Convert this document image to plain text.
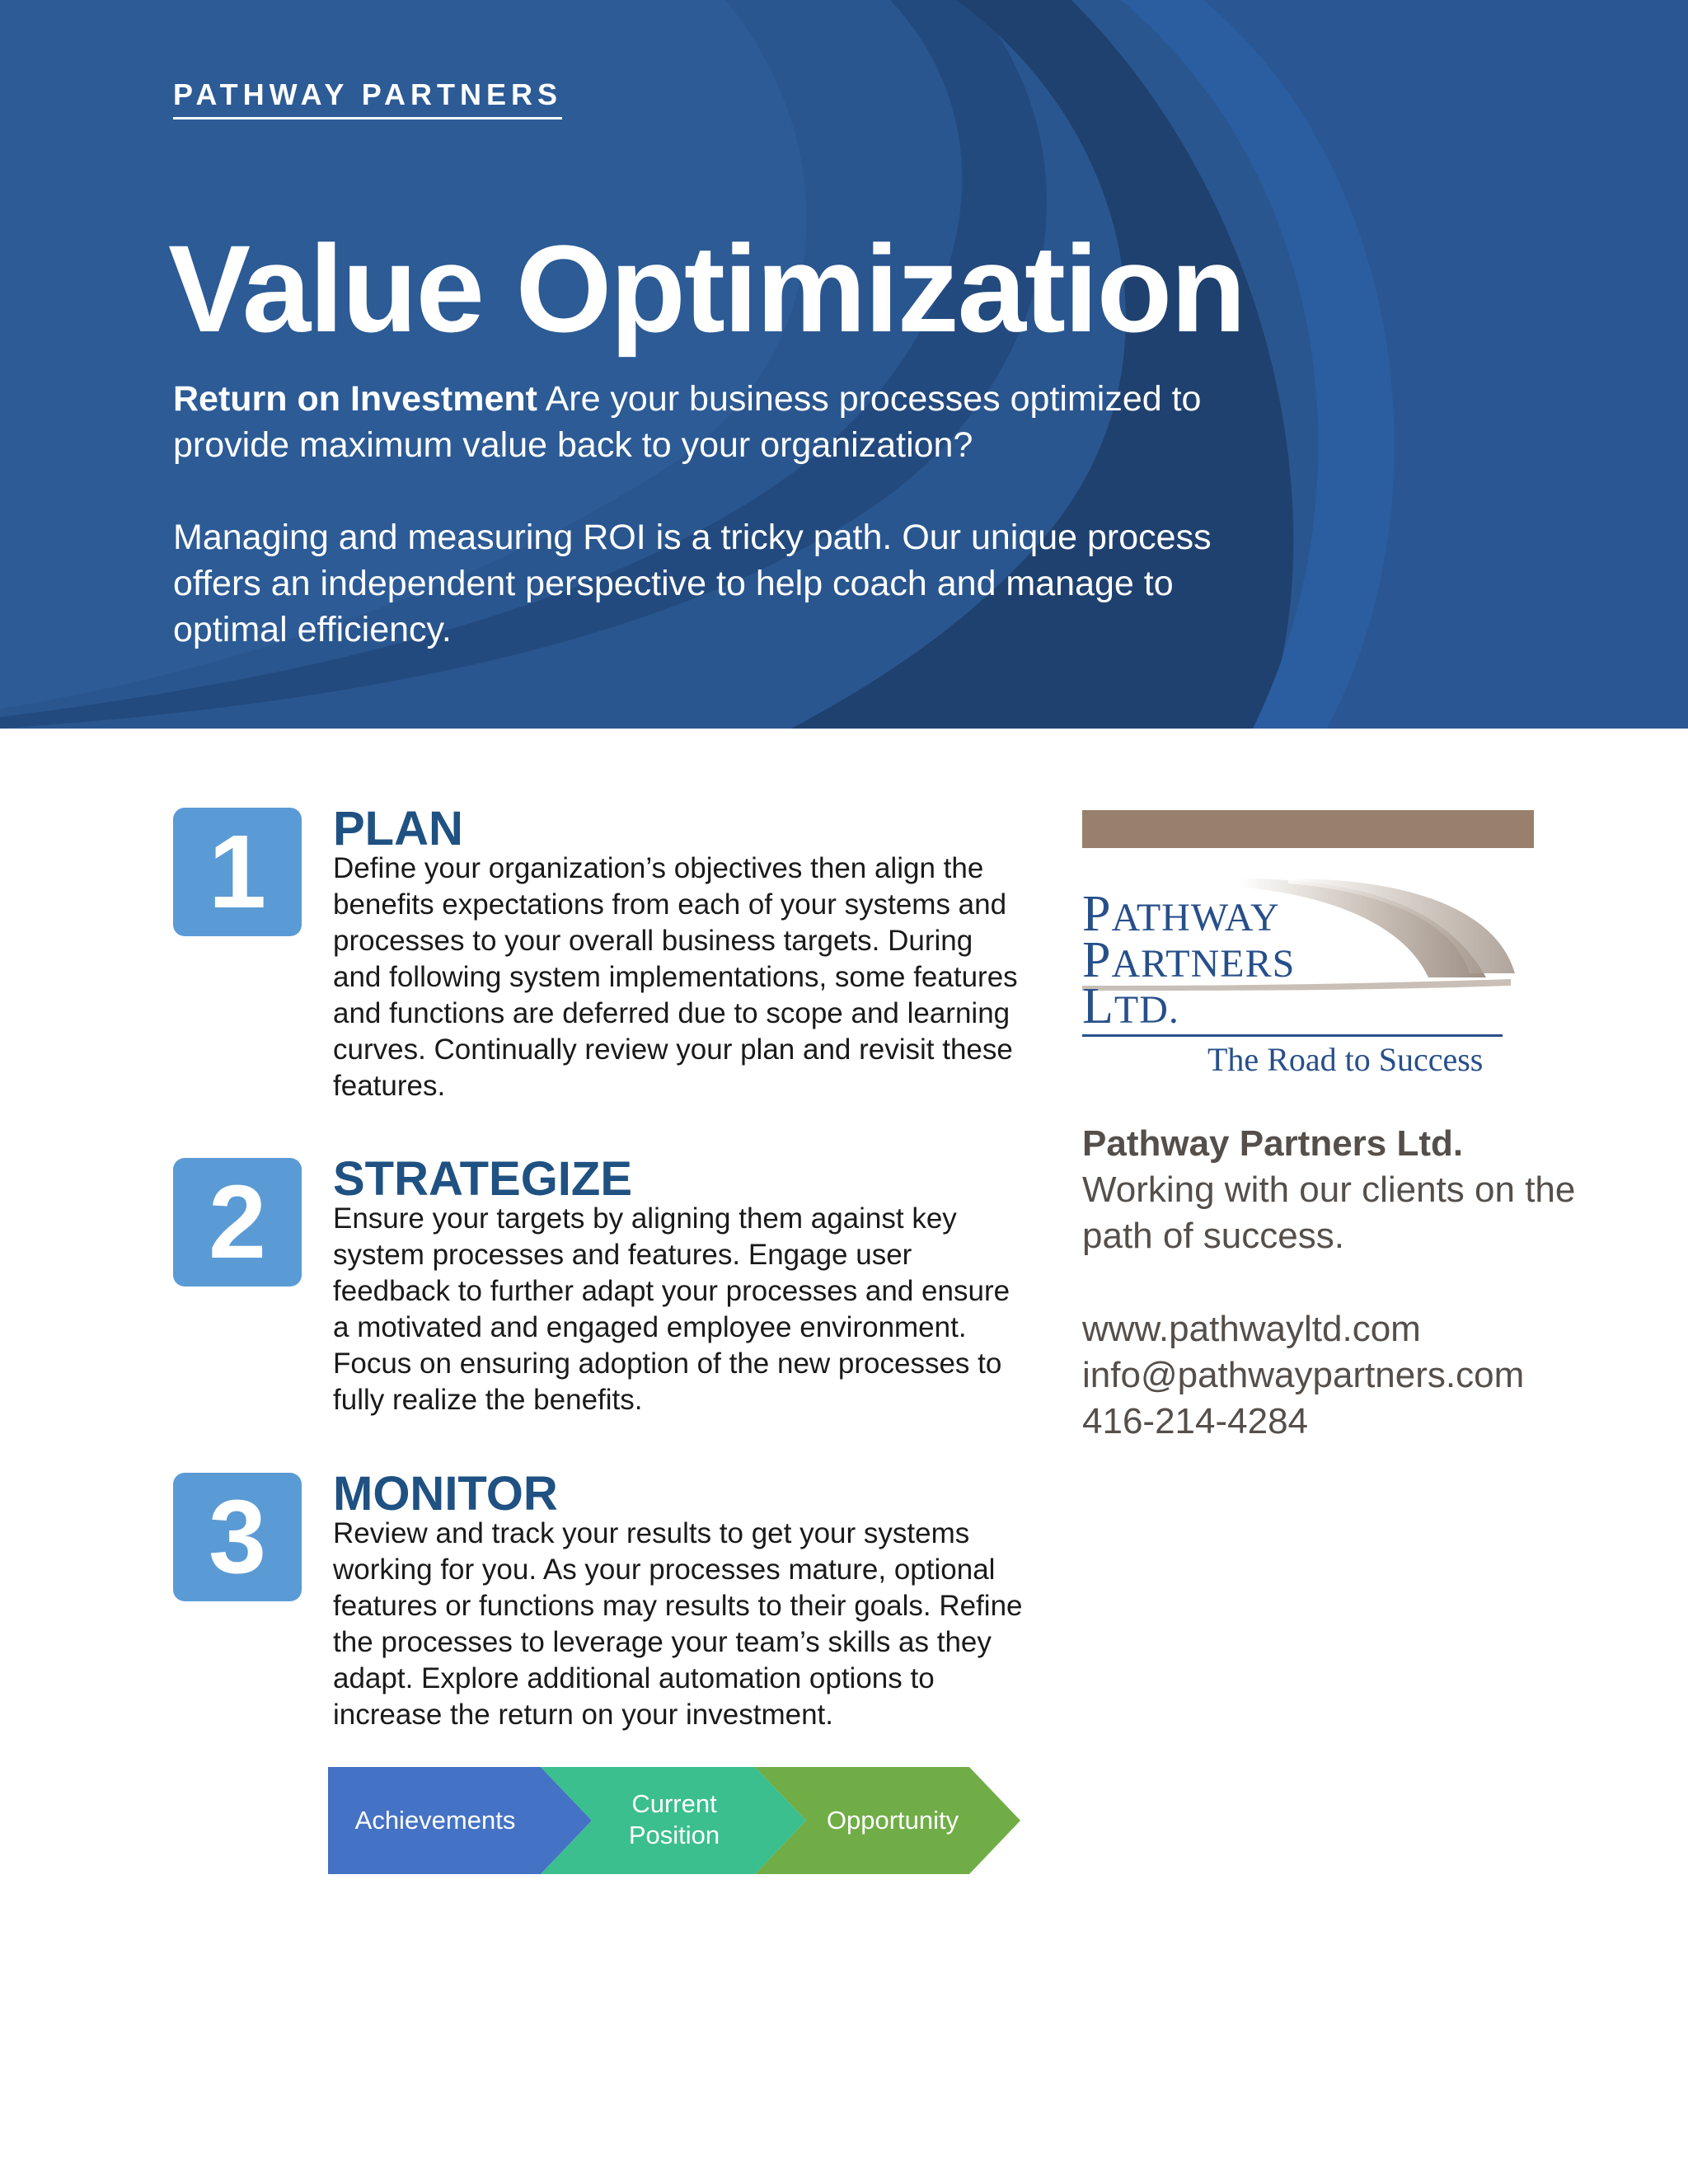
PATHWAY PARTNERS
Value Optimization

Return on Investment Are your business processes optimized to provide maximum value back to your organization?

Managing and measuring ROI is a tricky path. Our unique process offers an independent perspective to help coach and manage to optimal efficiency.

1	PLAN

Define your organization’s objectives then align the benefits expectations from each of your systems and processes to your overall business targets. During and following system implementations, some features and functions are deferred due to scope and learning curves. Continually review your plan and revisit these features.

2	STRATEGIZE

Ensure your targets by aligning them against key system processes and features. Engage user feedback to further adapt your processes and ensure a motivated and engaged employee environment. Focus on ensuring adoption of the new processes to fully realize the benefits.

3	MONITOR

Review and track your results to get your systems working for you. As your processes mature, optional features or functions may results to their goals. Refine the processes to leverage your team’s skills as they adapt. Explore additional automation options to increase the return on your investment.

Achievements
Current Position
Opportunity

PATHWAY

PARTNERS

LTD.

The Road to Success

Pathway Partners Ltd.

Working with our clients on the path of success.

www.pathwayltd.com

info@pathwaypartners.com

416-214-4284
